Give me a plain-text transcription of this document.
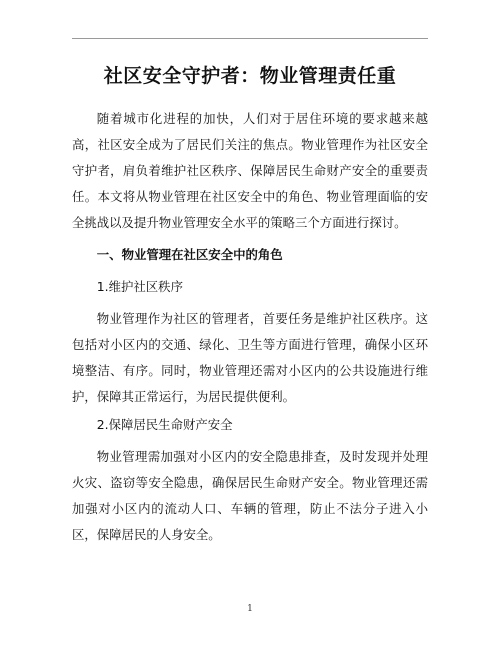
社区安全守护者：物业管理责任重

随着城市化进程的加快，人们对于居住环境的要求越来越高，社区安全成为了居民们关注的焦点。物业管理作为社区安全守护者，肩负着维护社区秩序、保障居民生命财产安全的重要责任。本文将从物业管理在社区安全中的角色、物业管理面临的安全挑战以及提升物业管理安全水平的策略三个方面进行探讨。

一、物业管理在社区安全中的角色

1.维护社区秩序

物业管理作为社区的管理者，首要任务是维护社区秩序。这包括对小区内的交通、绿化、卫生等方面进行管理，确保小区环境整洁、有序。同时，物业管理还需对小区内的公共设施进行维护，保障其正常运行，为居民提供便利。

2.保障居民生命财产安全

物业管理需加强对小区内的安全隐患排查，及时发现并处理火灾、盗窃等安全隐患，确保居民生命财产安全。物业管理还需加强对小区内的流动人口、车辆的管理，防止不法分子进入小区，保障居民的人身安全。

1
